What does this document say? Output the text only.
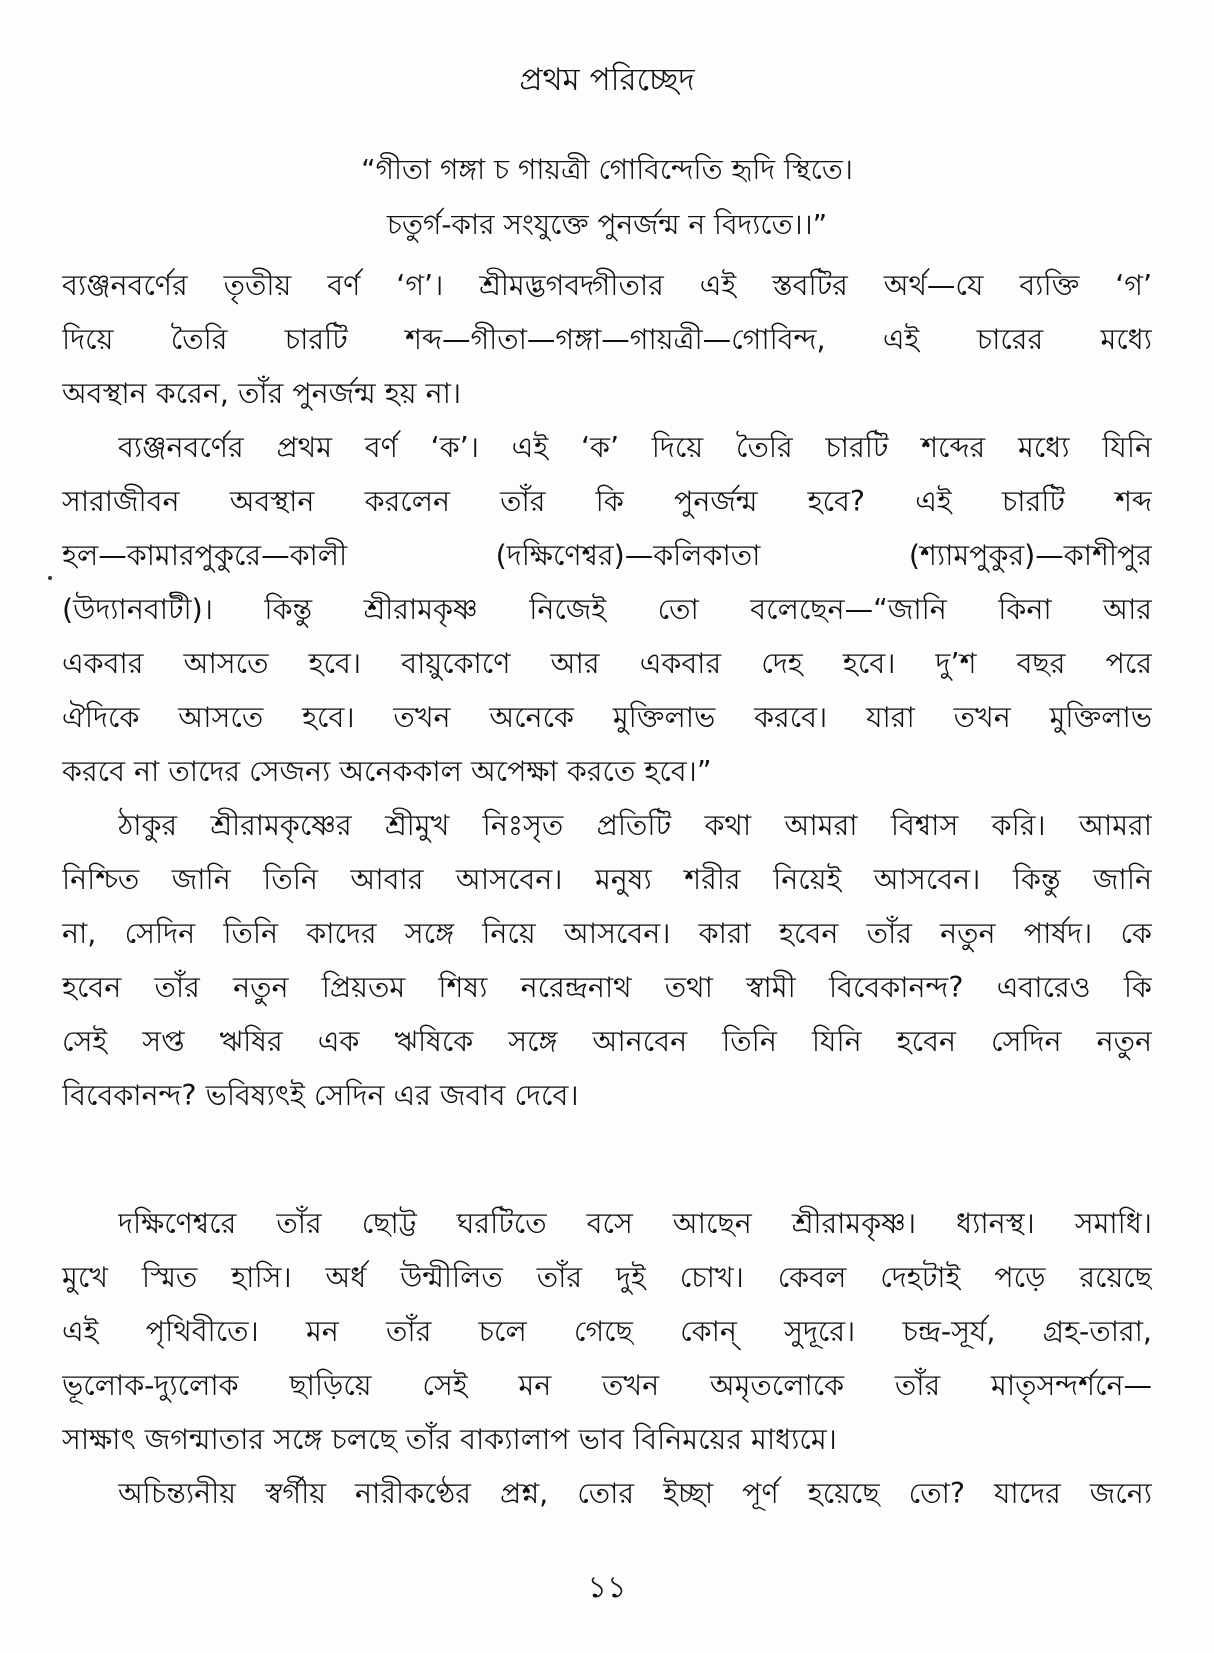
প্রথম পরিচ্ছেদ
“গীতা গঙ্গা চ গায়ত্রী গোবিন্দেতি হৃদি স্থিতে।
চতুর্গ-কার সংযুক্তে পুনর্জন্ম ন বিদ্যতে।।”
ব্যঞ্জনবর্ণের তৃতীয় বর্ণ ‘গ’। শ্রীমদ্ভগবদ্গীতার এই স্তবটির অর্থ—যে ব্যক্তি ‘গ’
দিয়ে তৈরি চারটি শব্দ—গীতা—গঙ্গা—গায়ত্রী—গোবিন্দ, এই চারের মধ্যে
অবস্থান করেন, তাঁর পুনর্জন্ম হয় না।
ব্যঞ্জনবর্ণের প্রথম বর্ণ ‘ক’। এই ‘ক’ দিয়ে তৈরি চারটি শব্দের মধ্যে যিনি
সারাজীবন অবস্থান করলেন তাঁর কি পুনর্জন্ম হবে? এই চারটি শব্দ
হল—কামারপুকুরে—কালী (দক্ষিণেশ্বর)—কলিকাতা (শ্যামপুকুর)—কাশীপুর
(উদ্যানবাটী)। কিন্তু শ্রীরামকৃষ্ণ নিজেই তো বলেছেন—“জানি কিনা আর
একবার আসতে হবে। বায়ুকোণে আর একবার দেহ হবে। দু’শ বছর পরে
ঐদিকে আসতে হবে। তখন অনেকে মুক্তিলাভ করবে। যারা তখন মুক্তিলাভ
করবে না তাদের সেজন্য অনেককাল অপেক্ষা করতে হবে।”
ঠাকুর শ্রীরামকৃষ্ণের শ্রীমুখ নিঃসৃত প্রতিটি কথা আমরা বিশ্বাস করি। আমরা
নিশ্চিত জানি তিনি আবার আসবেন। মনুষ্য শরীর নিয়েই আসবেন। কিন্তু জানি
না, সেদিন তিনি কাদের সঙ্গে নিয়ে আসবেন। কারা হবেন তাঁর নতুন পার্ষদ। কে
হবেন তাঁর নতুন প্রিয়তম শিষ্য নরেন্দ্রনাথ তথা স্বামী বিবেকানন্দ? এবারেও কি
সেই সপ্ত ঋষির এক ঋষিকে সঙ্গে আনবেন তিনি যিনি হবেন সেদিন নতুন
বিবেকানন্দ? ভবিষ্যৎই সেদিন এর জবাব দেবে।
দক্ষিণেশ্বরে তাঁর ছোট্ট ঘরটিতে বসে আছেন শ্রীরামকৃষ্ণ। ধ্যানস্থ। সমাধি।
মুখে স্মিত হাসি। অর্ধ উন্মীলিত তাঁর দুই চোখ। কেবল দেহটাই পড়ে রয়েছে
এই পৃথিবীতে। মন তাঁর চলে গেছে কোন্ সুদূরে। চন্দ্র-সূর্য, গ্রহ-তারা,
ভূলোক-দ্যুলোক ছাড়িয়ে সেই মন তখন অমৃতলোকে তাঁর মাতৃসন্দর্শনে—
সাক্ষাৎ জগন্মাতার সঙ্গে চলছে তাঁর বাক্যালাপ ভাব বিনিময়ের মাধ্যমে।
অচিন্ত্যনীয় স্বর্গীয় নারীকণ্ঠের প্রশ্ন, তোর ইচ্ছা পূর্ণ হয়েছে তো? যাদের জন্যে
১১
